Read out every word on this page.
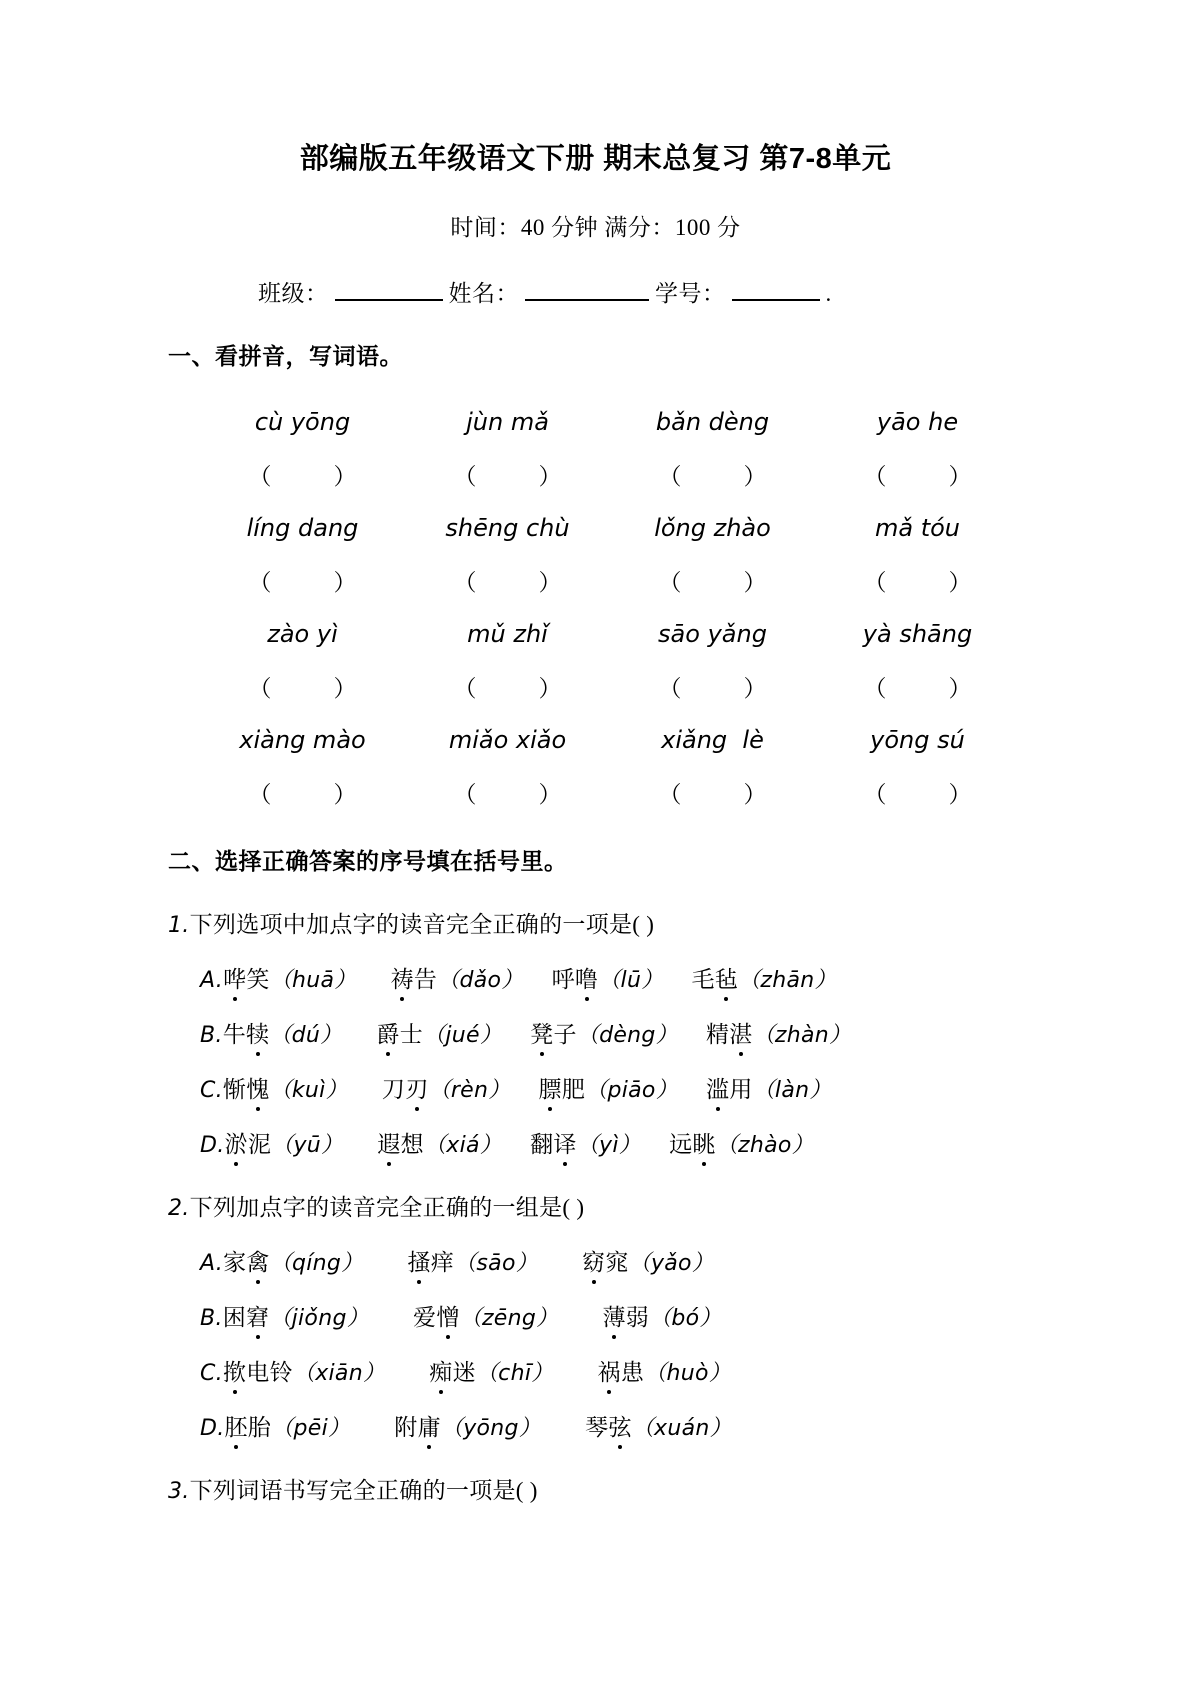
部编版五年级语文下册 期末总复习 第7-8单元

时间：40 分钟 满分：100 分

班级：	姓名：	学号：	.

一、看拼音，写词语。
cù yōng	jùn mǎ	bǎn dèng	yāo he
（）	（）	（）	（）
líng dang	shēng chù	lǒng zhào	mǎ tóu
（）	（）	（）	（）
zào yì	mǔ zhǐ	sāo yǎng	yà shāng
（）	（）	（）	（）
xiàng mào	miǎo xiǎo	xiǎng  lè	yōng sú
（）	（）	（）	（）
二、选择正确答案的序号填在括号里。

1.下列选项中加点字的读音完全正确的一项是( )

A.哗笑（huā） 祷告（dǎo） 呼噜（lū） 毛毡（zhān）

B.牛犊（dú） 爵士（jué） 凳子（dèng） 精湛（zhàn）

C.惭愧（kuì） 刀刃（rèn） 膘肥（piāo） 滥用（làn）

D.淤泥（yū） 遐想（xiá） 翻译（yì） 远眺（zhào）

2.下列加点字的读音完全正确的一组是( )

A.家禽（qíng） 搔痒（sāo） 窈窕（yǎo）

B.困窘（jiǒng） 爱憎（zēng） 薄弱（bó）

C.揿电铃（xiān） 痴迷（chī） 祸患（huò）

D.胚胎（pēi） 附庸（yōng） 琴弦（xuán）

3.下列词语书写完全正确的一项是( )
